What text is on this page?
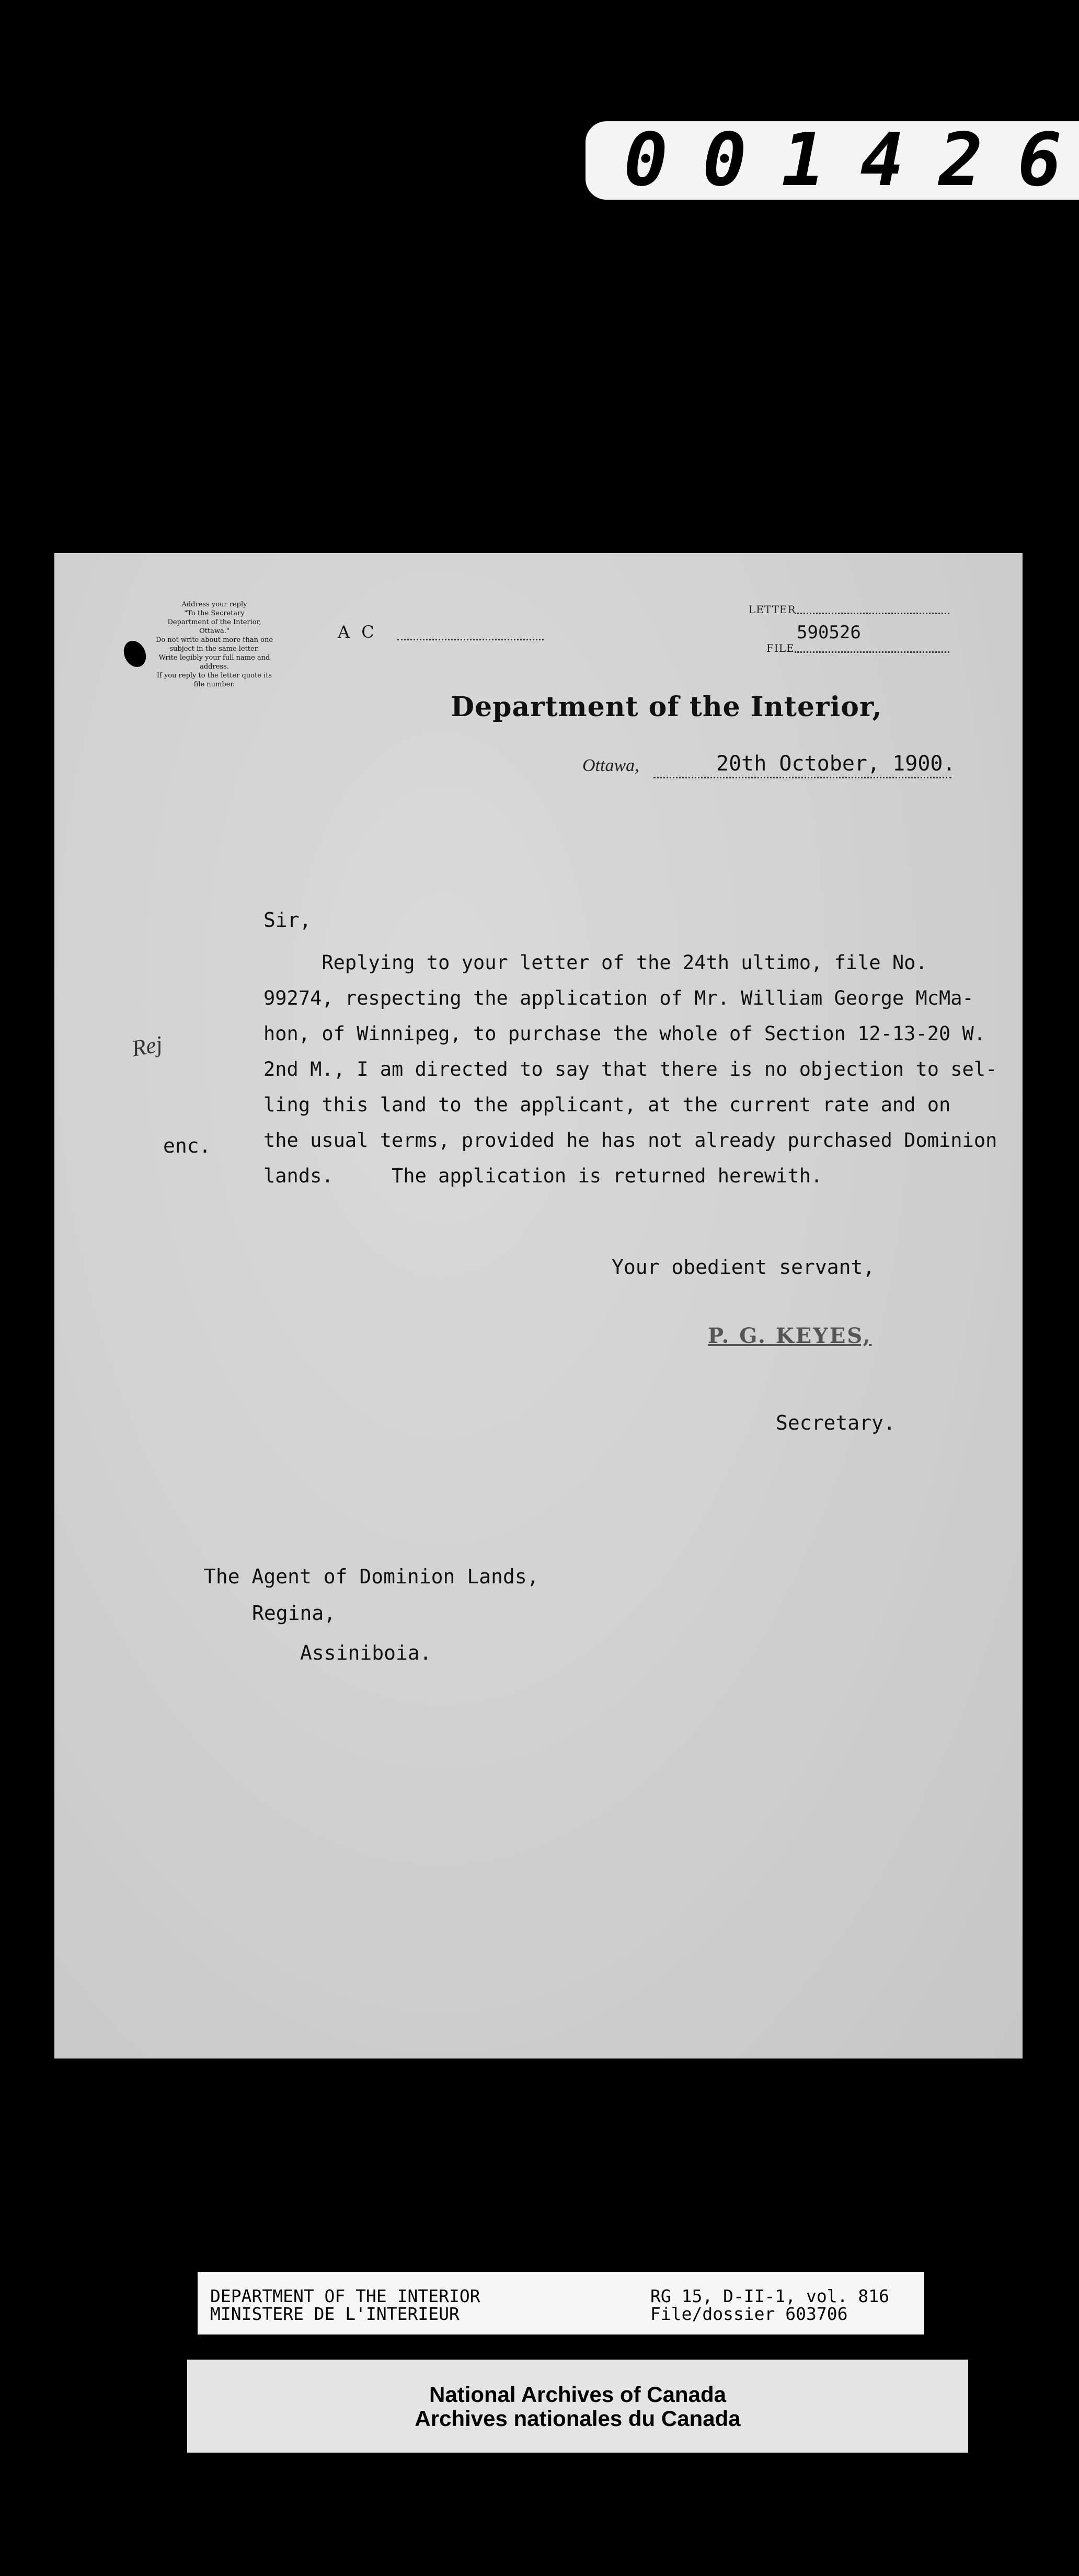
0 0 1 4 2 6
Address your reply
"To the Secretary
Department of the Interior,
Ottawa."
Do not write about more than one
subject in the same letter.
Write legibly your full name and
address.
If you reply to the letter quote its
file number.
A C
LETTER
590526
FILE
Department of the Interior,
Ottawa,	20th October, 1900.
Sir,
Replying to your letter of the 24th ultimo, file No.
99274, respecting the application of Mr. William George McMa-
hon, of Winnipeg, to purchase the whole of Section 12-13-20 W.
2nd M., I am directed to say that there is no objection to sel-
ling this land to the applicant, at the current rate and on
the usual terms, provided he has not already purchased Dominion
lands.     The application is returned herewith.
Rej
enc.
Your obedient servant,
P. G. KEYES,
Secretary.
The Agent of Dominion Lands,
Regina,
Assiniboia.
DEPARTMENT OF THE INTERIOR
MINISTERE DE L'INTERIEUR
RG 15, D-II-1, vol. 816
File/dossier 603706
National Archives of Canada
Archives nationales du Canada
